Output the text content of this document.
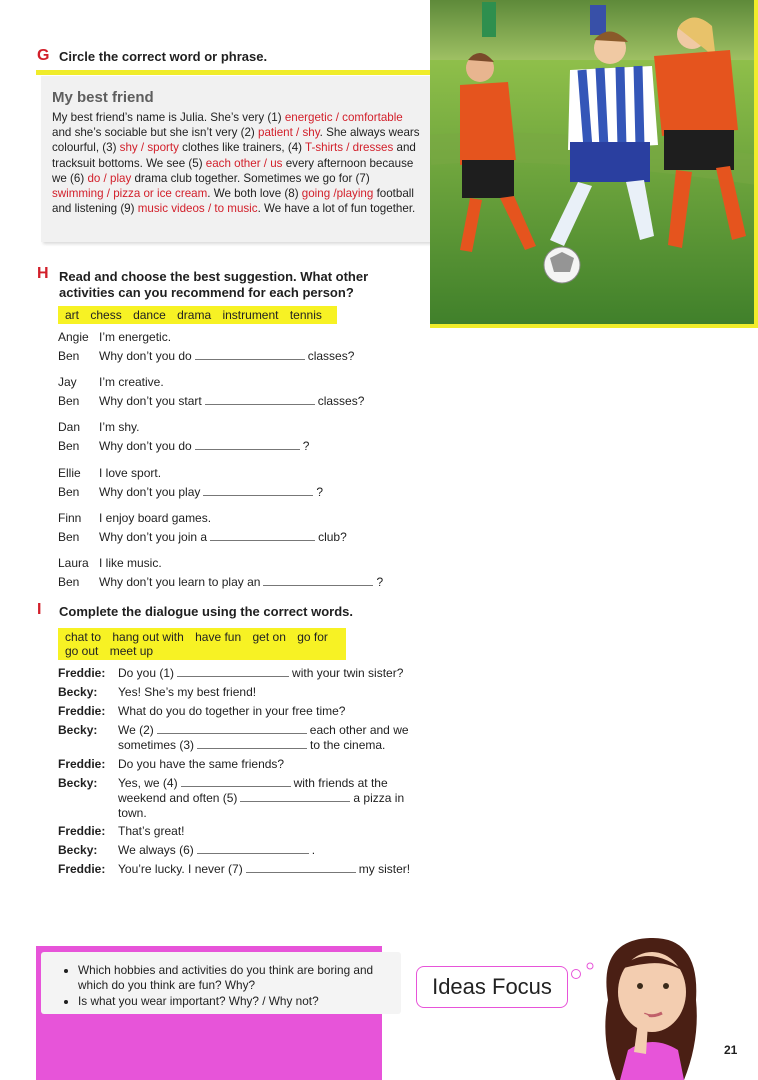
G Circle the correct word or phrase.
My best friend
My best friend’s name is Julia. She’s very (1) energetic / comfortable and she’s sociable but she isn’t very (2) patient / shy. She always wears colourful, (3) shy / sporty clothes like trainers, (4) T-shirts / dresses and tracksuit bottoms. We see (5) each other / us every afternoon because we (6) do / play drama club together. Sometimes we go for (7) swimming / pizza or ice cream. We both love (8) going /playing football and listening (9) music videos / to music. We have a lot of fun together.
H Read and choose the best suggestion. What other activities can you recommend for each person?
art chess dance drama instrument tennis
Angie I’m energetic.
Ben Why don’t you do	classes?
Jay I’m creative.
Ben Why don’t you start	classes?
Dan I’m shy.
Ben Why don’t you do	?
Ellie I love sport.
Ben Why don’t you play	?
Finn I enjoy board games.
Ben Why don’t you join a	club?
Laura I like music.
Ben Why don’t you learn to play an	?
I Complete the dialogue using the correct words.
chat to hang out with have fun get on go for go out meet up
Freddie: Do you (1)	with your twin sister?
Becky: Yes! She’s my best friend!
Freddie: What do you do together in your free time?
Becky: We (2)	each other and we
sometimes (3)	to the cinema.
Freddie: Do you have the same friends?
Becky: Yes, we (4)	with friends at the
weekend and often (5)	a pizza in
town.
Freddie: That’s great!
Becky: We always (6)	.
Freddie: You’re lucky. I never (7)	my sister!
• Which hobbies and activities do you think are boring and which do you think are fun? Why?
• Is what you wear important? Why? / Why not?
Ideas Focus
21
